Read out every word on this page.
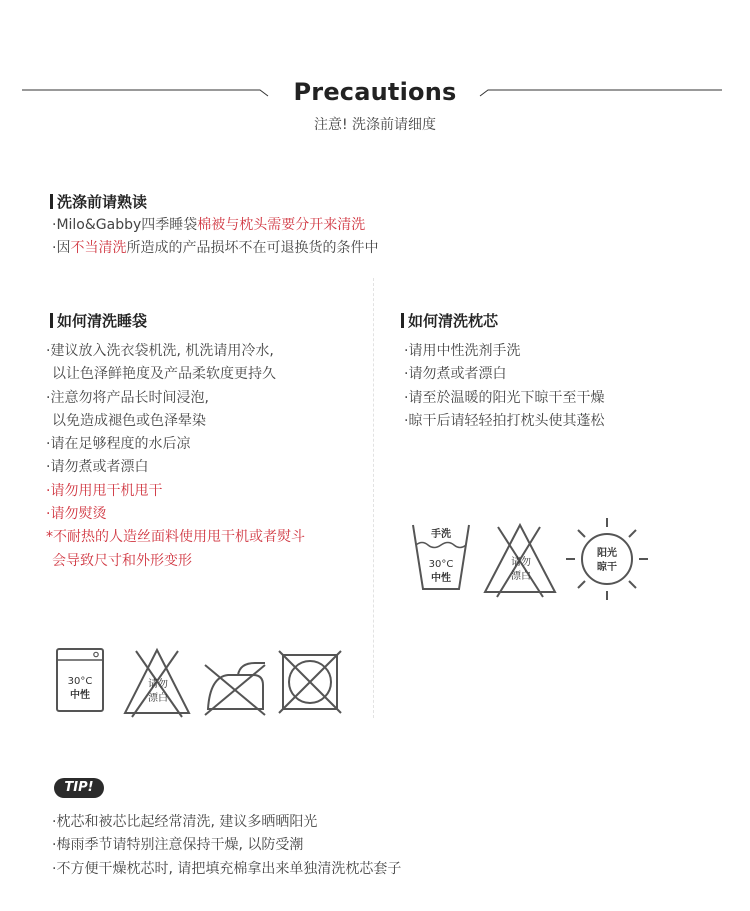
Precautions
注意! 洗涤前请细度
洗涤前请熟读
·Milo&Gabby四季睡袋棉被与枕头需要分开来清洗
·因不当清洗所造成的产品损坏不在可退换货的条件中
如何清洗睡袋
·建议放入洗衣袋机洗, 机洗请用冷水,
以让色泽鲜艳度及产品柔软度更持久
·注意勿将产品长时间浸泡,
以免造成褪色或色泽晕染
·请在足够程度的水后凉
·请勿煮或者漂白
·请勿用甩干机甩干
·请勿熨烫
*不耐热的人造丝面料使用甩干机或者熨斗
会导致尺寸和外形变形
30°C
中性
请勿
漂白
如何清洗枕芯
·请用中性洗剂手洗
·请勿煮或者漂白
·请至於温暖的阳光下晾干至干燥
·晾干后请轻轻拍打枕头使其蓬松
手洗
30°C
中性
请勿
漂白
阳光
晾干
TIP!
·枕芯和被芯比起经常清洗, 建议多晒晒阳光
·梅雨季节请特别注意保持干燥, 以防受潮
·不方便干燥枕芯时, 请把填充棉拿出来单独清洗枕芯套子
